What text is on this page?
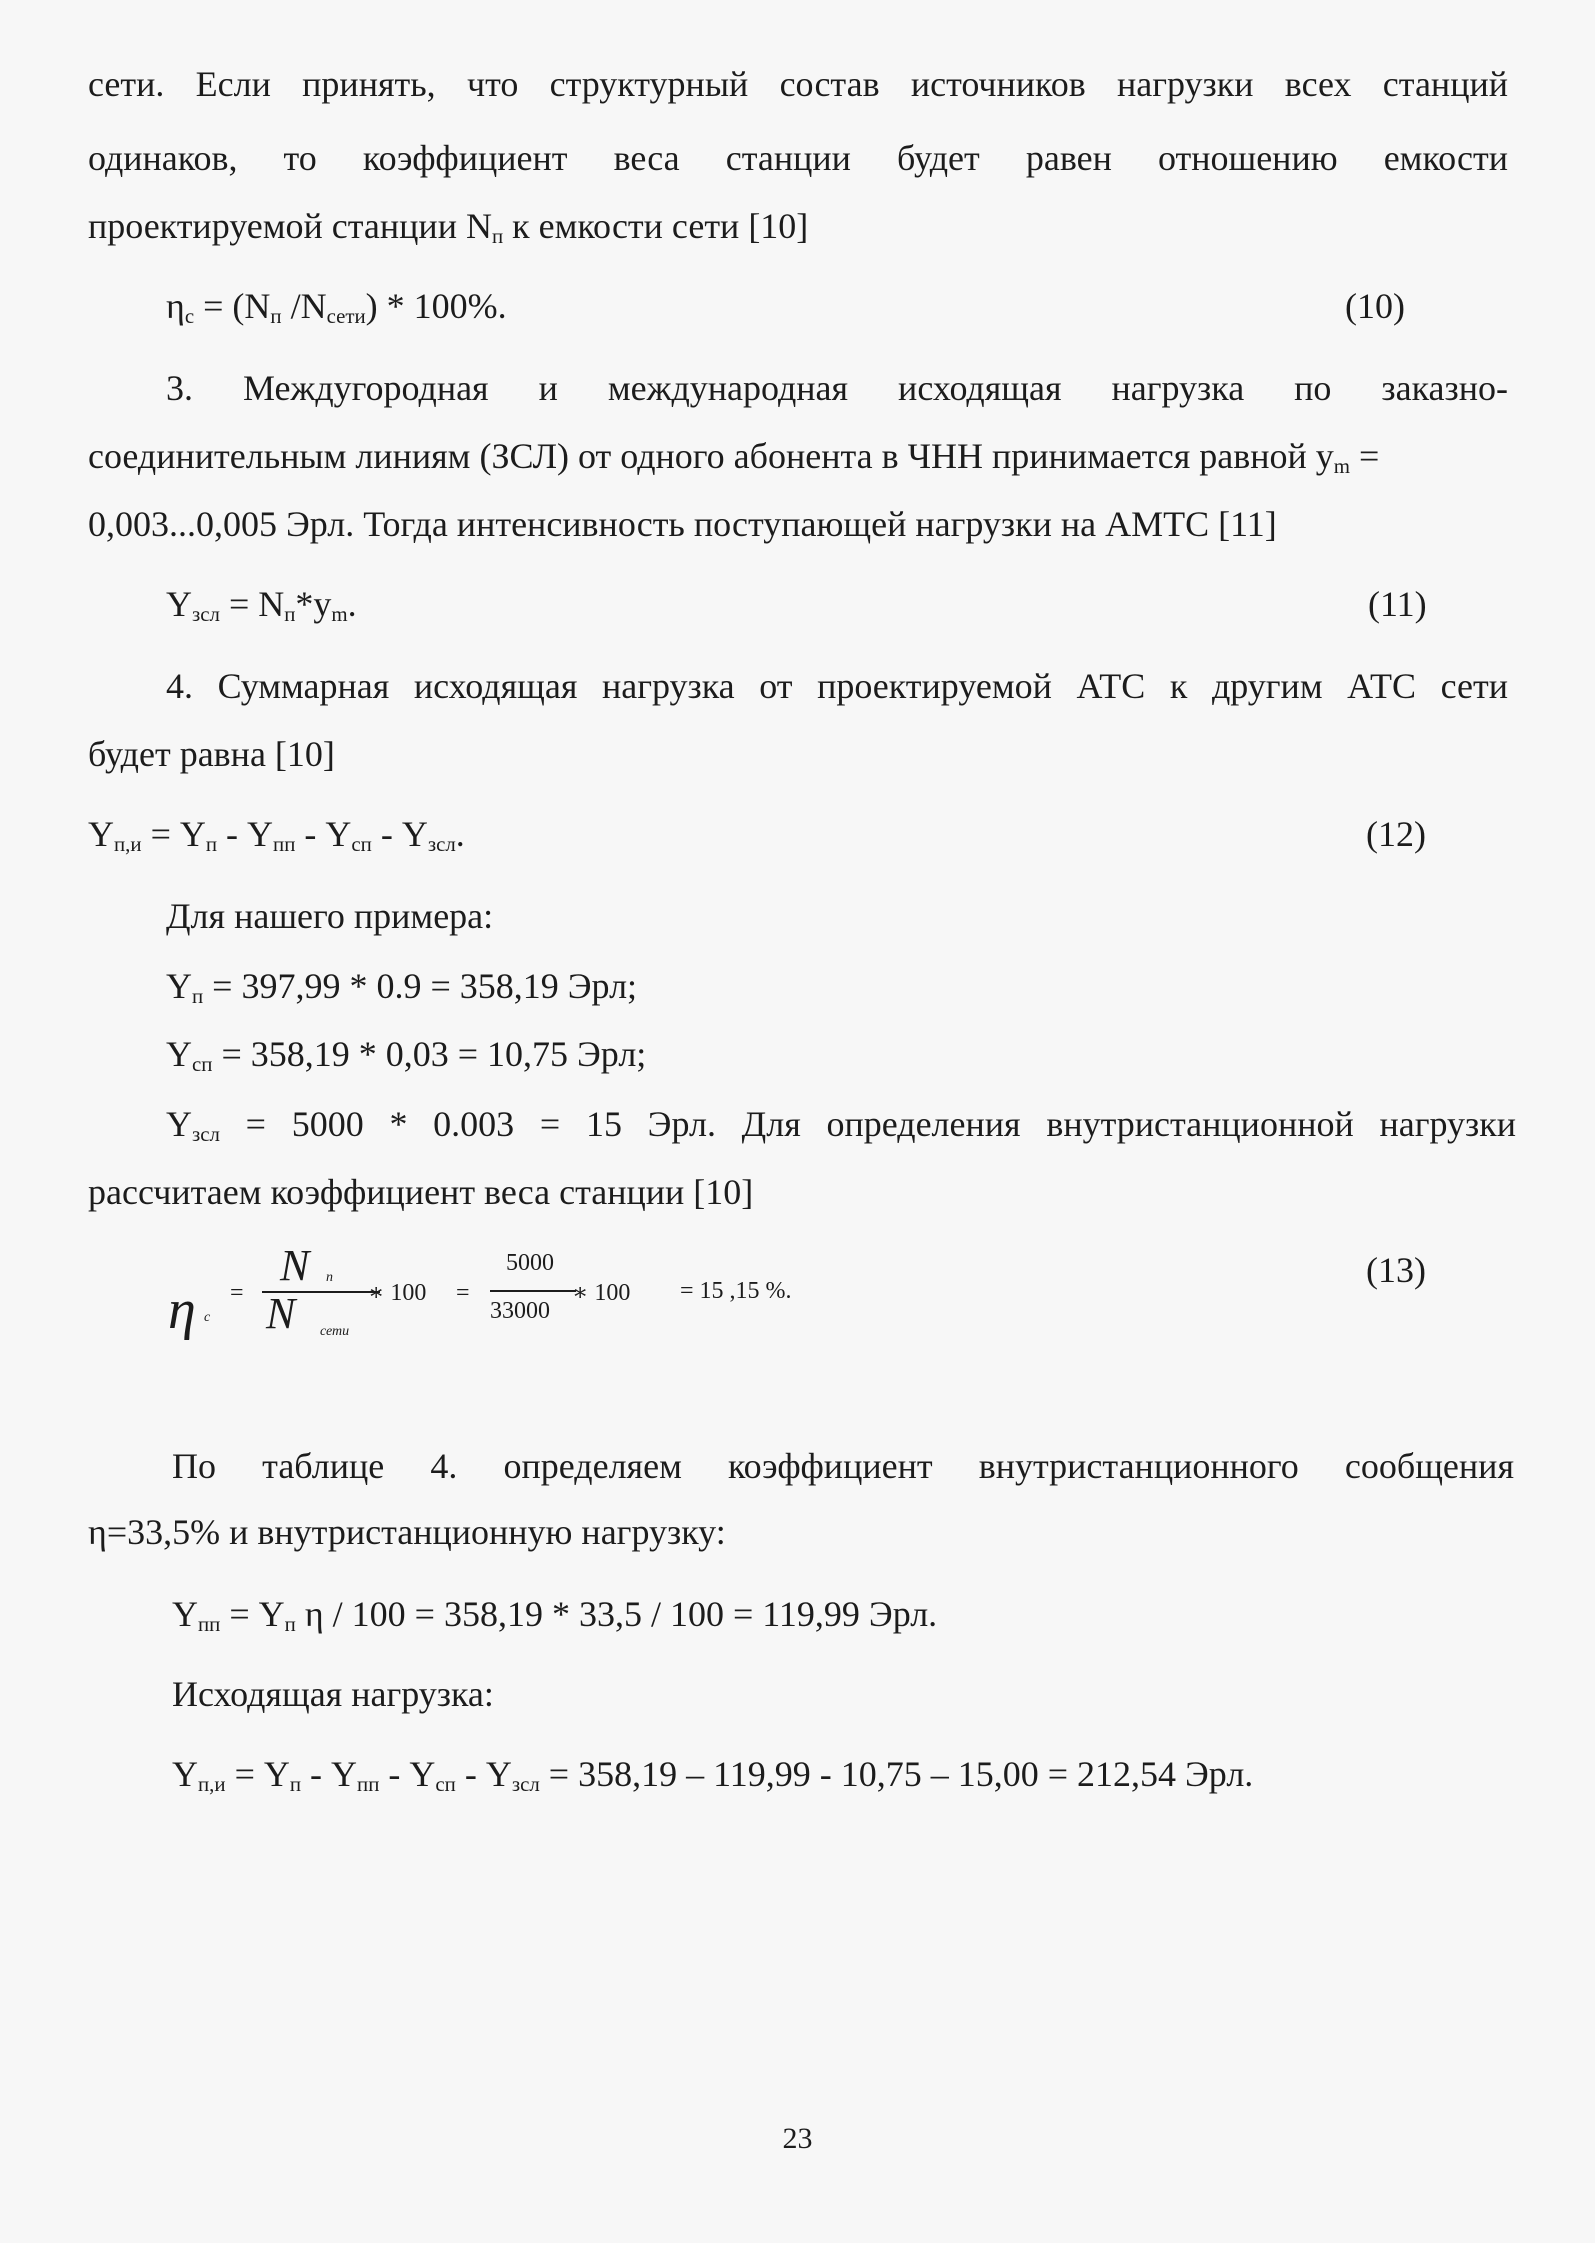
сети. Если принять, что структурный состав источников нагрузки всех станций
одинаков, то коэффициент веса станции будет равен отношению емкости
проектируемой станции $N_п$ к емкости сети [10]
$\eta_c = (N_п$ $/N_{сети}) * 100\%$.	(10)
3. Междугородная и международная исходящая нагрузка по заказно-
соединительным линиям (ЗСЛ) от одного абонента в ЧНН принимается равной $y_m$ =
0,003...0,005 Эрл. Тогда интенсивность поступающей нагрузки на АМТС [11]
$Y_{зсл} = N_п*y_m$.	(11)
4. Суммарная исходящая нагрузка от проектируемой АТС к другим АТС сети
будет равна [10]
$Y_{п,и} = Y_п - Y_{пп} - Y_{сп} - Y_{зсл}$.	(12)
Для нашего примера:
$Y_п = 397,99 * 0.9 = 358,19$ Эрл;
$Y_{сп} = 358,19 * 0,03 = 10,75$ Эрл;
$Y_{зсл} = 5000 * 0.003 = 15$ Эрл. Для определения внутристанционной нагрузки
рассчитаем коэффициент веса станции [10]
η c
=
N п
N сети
∗ 100 =
5000
33000
∗ 100 = 15 ,15 %.
(13)
По таблице 4. определяем коэффициент внутристанционного сообщения
η=33,5% и внутристанционную нагрузку:
$Y_{пп} = Y_п$ η / 100 = 358,19 * 33,5 / 100 = 119,99 Эрл.
Исходящая нагрузка:
$Y_{п,и} = Y_п - Y_{пп} - Y_{сп} - Y_{зсл} = 358,19 - 119,99 - 10,75 - 15,00 = 212,54$ Эрл.
23
